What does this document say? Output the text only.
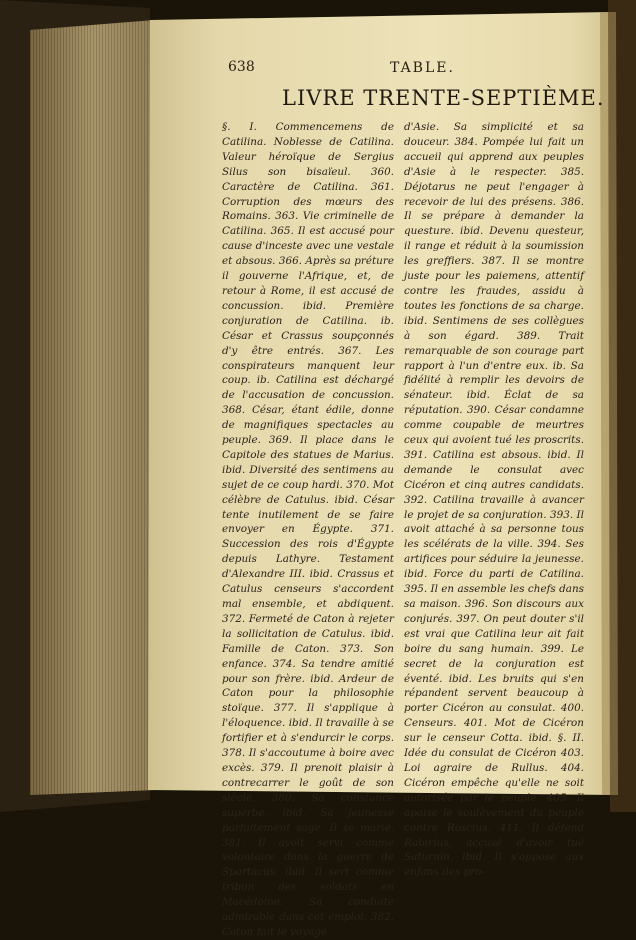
638	TABLE.
LIVRE TRENTE-SEPTIÈME.
§. I. Commencemens de Catilina. Noblesse de Catilina. Valeur héroïque de Sergius Silus son bisaïeul. 360. Caractère de Catilina. 361. Corruption des mœurs des Romains. 363. Vie criminelle de Catilina. 365. Il est accusé pour cause d'inceste avec une vestale et absous. 366. Après sa préture il gouverne l'Afrique, et, de retour à Rome, il est accusé de concussion. ibid. Première conjuration de Catilina. ib. César et Crassus soupçonnés d'y être entrés. 367. Les conspirateurs manquent leur coup. ib. Catilina est déchargé de l'accusation de concussion. 368. César, étant édile, donne de magnifiques spectacles au peuple. 369. Il place dans le Capitole des statues de Marius. ibid. Diversité des sentimens au sujet de ce coup hardi. 370. Mot célèbre de Catulus. ibid. César tente inutilement de se faire envoyer en Égypte. 371. Succession des rois d'Égypte depuis Lathyre. Testament d'Alexandre III. ibid. Crassus et Catulus censeurs s'accordent mal ensemble, et abdiquent. 372. Fermeté de Caton à rejeter la sollicitation de Catulus. ibid. Famille de Caton. 373. Son enfance. 374. Sa tendre amitié pour son frère. ibid. Ardeur de Caton pour la philosophie stoïque. 377. Il s'applique à l'éloquence. ibid. Il travaille à se fortifier et à s'endurcir le corps. 378. Il s'accoutume à boire avec excès. 379. Il prenoit plaisir à contrecarrer le goût de son siècle. 380. Sa constance superbe. ibid. Sa jeunesse parfaitement sage. Il se marie. 381. Il avoit servi comme volontaire dans la guerre de Spartacus. ibid. Il sert comme tribun des soldats en Macédoine. Sa conduite admirable dans cet emploi. 382. Caton fait le voyage
d'Asie. Sa simplicité et sa douceur. 384. Pompée lui fait un accueil qui apprend aux peuples d'Asie à le respecter. 385. Déjotarus ne peut l'engager à recevoir de lui des présens. 386. Il se prépare à demander la questure. ibid. Devenu questeur, il range et réduit à la soumission les greffiers. 387. Il se montre juste pour les paiemens, attentif contre les fraudes, assidu à toutes les fonctions de sa charge. ibid. Sentimens de ses collègues à son égard. 389. Trait remarquable de son courage part rapport à l'un d'entre eux. ib. Sa fidélité à remplir les devoirs de sénateur. ibid. Éclat de sa réputation. 390. César condamne comme coupable de meurtres ceux qui avoient tué les proscrits. 391. Catilina est absous. ibid. Il demande le consulat avec Cicéron et cinq autres candidats. 392. Catilina travaille à avancer le projet de sa conjuration. 393. Il avoit attaché à sa personne tous les scélérats de la ville. 394. Ses artifices pour séduire la jeunesse. ibid. Force du parti de Catilina. 395. Il en assemble les chefs dans sa maison. 396. Son discours aux conjurés. 397. On peut douter s'il est vrai que Catilina leur ait fait boire du sang humain. 399. Le secret de la conjuration est éventé. ibid. Les bruits qui s'en répandent servent beaucoup à porter Cicéron au consulat. 400. Censeurs. 401. Mot de Cicéron sur le censeur Cotta. ibid. §. II. Idée du consulat de Cicéron 403. Loi agraire de Rullus. 404. Cicéron empêche qu'elle ne soit autorisée par le peuple. 405. Il apaise le soulèvement du peuple contre Roscius. 411. Il défend Rabirius, accusé d'avoir tué Saturnin. ibid. Il s'oppose aux enfans des pro-
